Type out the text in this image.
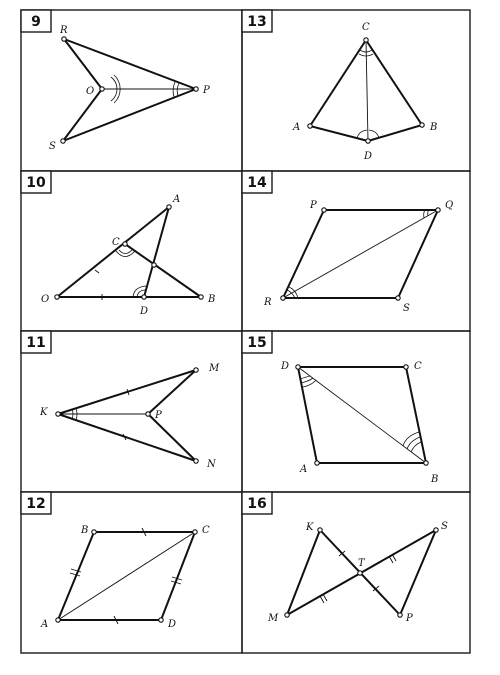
9
R
O	P
S
13	C
A	B
D
10
A
C
O
D
B
14
P	Q
R
S
11
M
K	P
N
15
D	C
A
B
12
B	C
A	D
16
K	S
T
M	P
